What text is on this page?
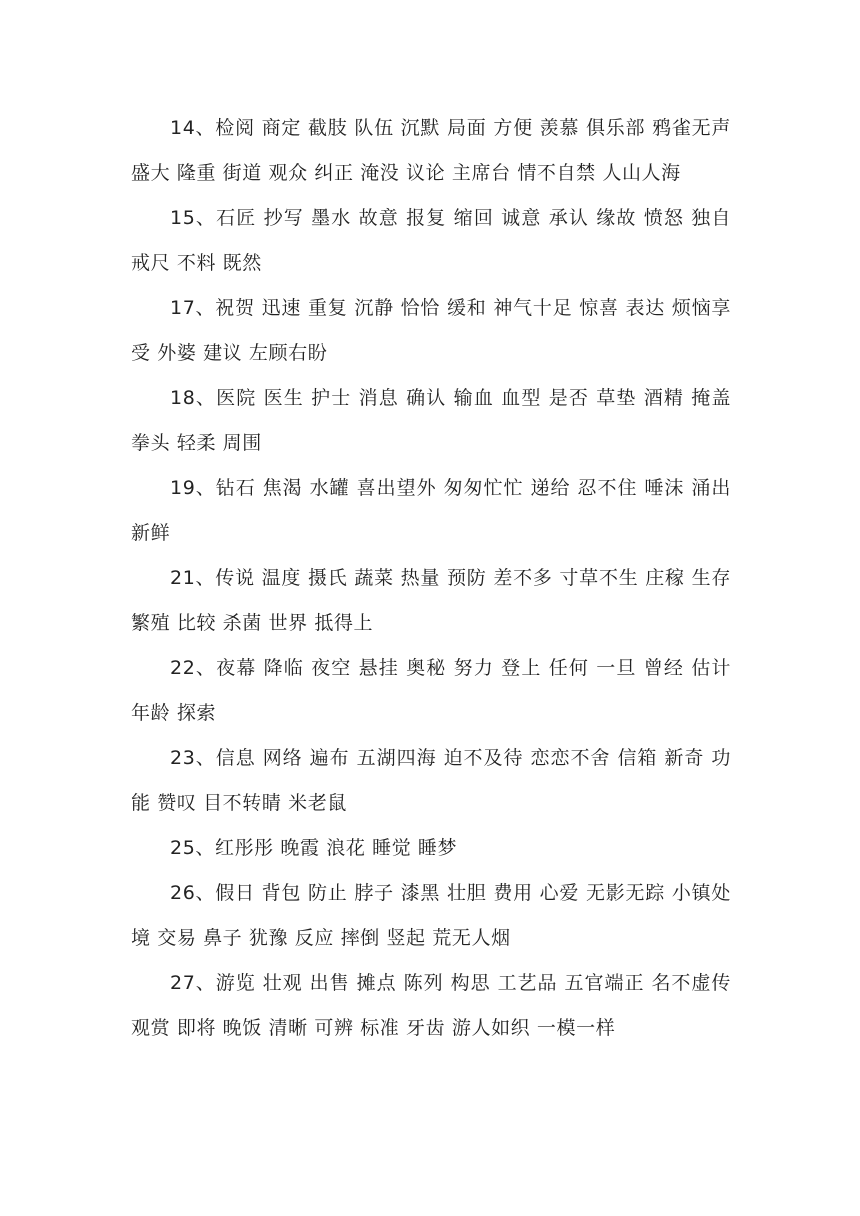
14、检阅 商定 截肢 队伍 沉默 局面 方便 羡慕 俱乐部 鸦雀无声 盛大 隆重 街道 观众 纠正 淹没 议论 主席台 情不自禁 人山人海

15、石匠 抄写 墨水 故意 报复 缩回 诚意 承认 缘故 愤怒 独自戒尺 不料 既然

17、祝贺 迅速 重复 沉静 恰恰 缓和 神气十足 惊喜 表达 烦恼享受 外婆 建议 左顾右盼

18、医院 医生 护士 消息 确认 输血 血型 是否 草垫 酒精 掩盖拳头 轻柔 周围

19、钻石 焦渴 水罐 喜出望外 匆匆忙忙 递给 忍不住 唾沫 涌出新鲜

21、传说 温度 摄氏 蔬菜 热量 预防 差不多 寸草不生 庄稼 生存 繁殖 比较 杀菌 世界 抵得上

22、夜幕 降临 夜空 悬挂 奥秘 努力 登上 任何 一旦 曾经 估计年龄 探索

23、信息 网络 遍布 五湖四海 迫不及待 恋恋不舍 信箱 新奇 功能 赞叹 目不转睛 米老鼠

25、红彤彤 晚霞 浪花 睡觉 睡梦

26、假日 背包 防止 脖子 漆黑 壮胆 费用 心爱 无影无踪 小镇处境 交易 鼻子 犹豫 反应 摔倒 竖起 荒无人烟

27、游览 壮观 出售 摊点 陈列 构思 工艺品 五官端正 名不虚传观赏 即将 晚饭 清晰 可辨 标准 牙齿 游人如织 一模一样
